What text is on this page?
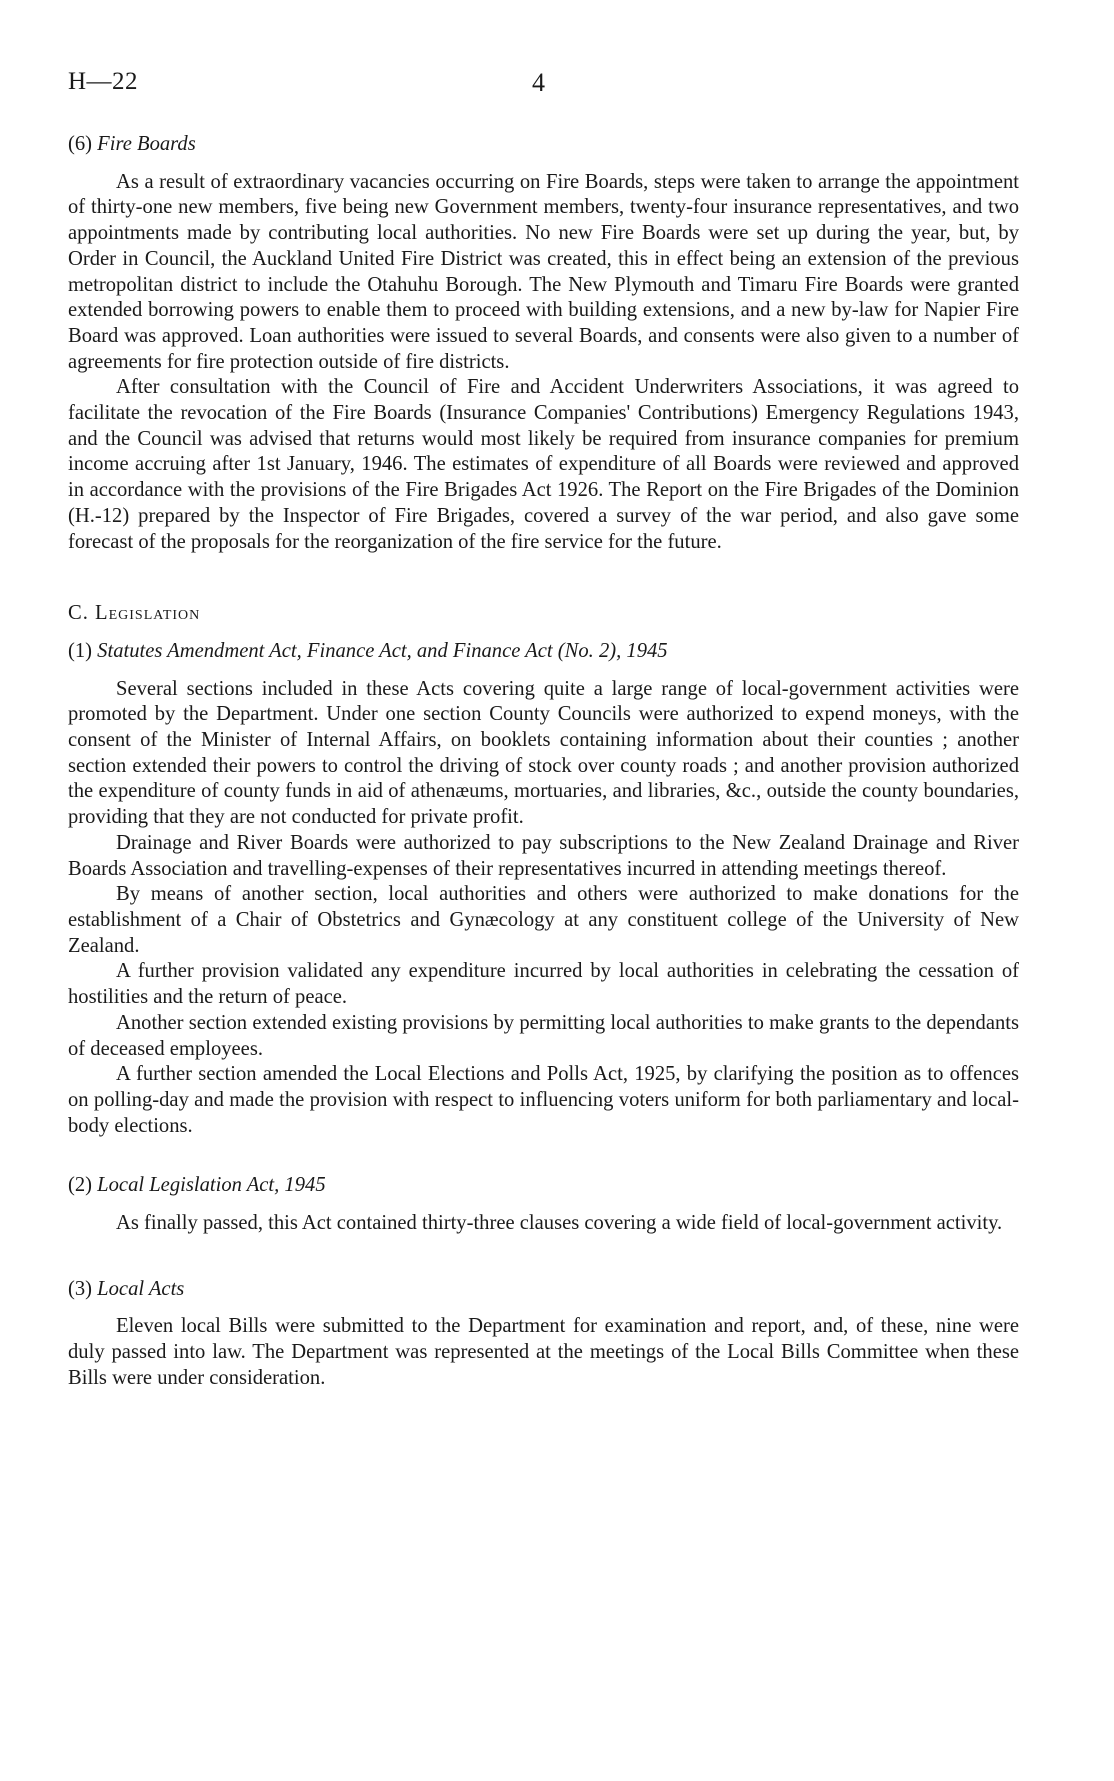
H—22	4
(6) Fire Boards

As a result of extraordinary vacancies occurring on Fire Boards, steps were taken to arrange the appointment of thirty-one new members, five being new Government members, twenty-four insurance representatives, and two appointments made by contributing local authorities. No new Fire Boards were set up during the year, but, by Order in Council, the Auckland United Fire District was created, this in effect being an extension of the previous metropolitan district to include the Otahuhu Borough. The New Plymouth and Timaru Fire Boards were granted extended borrowing powers to enable them to proceed with building extensions, and a new by-law for Napier Fire Board was approved. Loan authorities were issued to several Boards, and consents were also given to a number of agreements for fire protection outside of fire districts.

After consultation with the Council of Fire and Accident Underwriters Associations, it was agreed to facilitate the revocation of the Fire Boards (Insurance Companies' Contributions) Emergency Regulations 1943, and the Council was advised that returns would most likely be required from insurance companies for premium income accruing after 1st January, 1946. The estimates of expenditure of all Boards were reviewed and approved in accordance with the provisions of the Fire Brigades Act 1926. The Report on the Fire Brigades of the Dominion (H.-12) prepared by the Inspector of Fire Brigades, covered a survey of the war period, and also gave some forecast of the proposals for the reorganization of the fire service for the future.

C. Legislation
(1) Statutes Amendment Act, Finance Act, and Finance Act (No. 2), 1945

Several sections included in these Acts covering quite a large range of local-government activities were promoted by the Department. Under one section County Councils were authorized to expend moneys, with the consent of the Minister of Internal Affairs, on booklets containing information about their counties ; another section extended their powers to control the driving of stock over county roads ; and another provision authorized the expenditure of county funds in aid of athenæums, mortuaries, and libraries, &c., outside the county boundaries, providing that they are not conducted for private profit.

Drainage and River Boards were authorized to pay subscriptions to the New Zealand Drainage and River Boards Association and travelling-expenses of their representatives incurred in attending meetings thereof.

By means of another section, local authorities and others were authorized to make donations for the establishment of a Chair of Obstetrics and Gynæcology at any constituent college of the University of New Zealand.

A further provision validated any expenditure incurred by local authorities in celebrating the cessation of hostilities and the return of peace.

Another section extended existing provisions by permitting local authorities to make grants to the dependants of deceased employees.

A further section amended the Local Elections and Polls Act, 1925, by clarifying the position as to offences on polling-day and made the provision with respect to influencing voters uniform for both parliamentary and local-body elections.

(2) Local Legislation Act, 1945

As finally passed, this Act contained thirty-three clauses covering a wide field of local-government activity.

(3) Local Acts

Eleven local Bills were submitted to the Department for examination and report, and, of these, nine were duly passed into law. The Department was represented at the meetings of the Local Bills Committee when these Bills were under consideration.
